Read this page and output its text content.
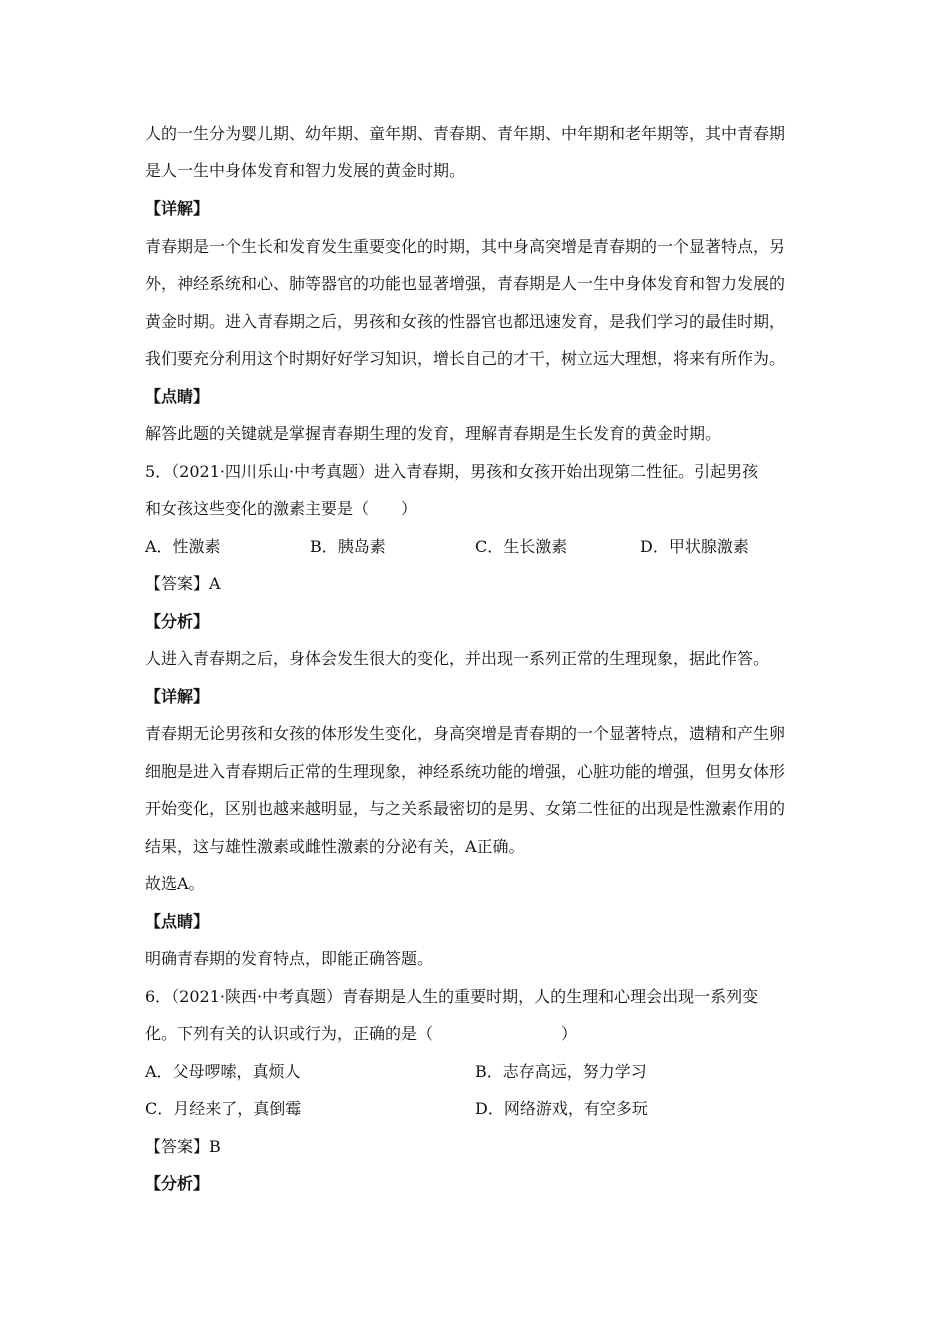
人的一生分为婴儿期、幼年期、童年期、青春期、青年期、中年期和老年期等，其中青春期
是人一生中身体发育和智力发展的黄金时期。
【详解】
青春期是一个生长和发育发生重要变化的时期，其中身高突增是青春期的一个显著特点，另
外，神经系统和心、肺等器官的功能也显著增强，青春期是人一生中身体发育和智力发展的
黄金时期。进入青春期之后，男孩和女孩的性器官也都迅速发育，是我们学习的最佳时期，
我们要充分利用这个时期好好学习知识，增长自己的才干，树立远大理想，将来有所作为。
【点睛】
解答此题的关键就是掌握青春期生理的发育，理解青春期是生长发育的黄金时期。
5．（2021·四川乐山·中考真题）进入青春期，男孩和女孩开始出现第二性征。引起男孩
和女孩这些变化的激素主要是（　　）
A．性激素	B．胰岛素	C．生长激素	D．甲状腺激素
【答案】A
【分析】
人进入青春期之后，身体会发生很大的变化，并出现一系列正常的生理现象，据此作答。
【详解】
青春期无论男孩和女孩的体形发生变化，身高突增是青春期的一个显著特点，遗精和产生卵
细胞是进入青春期后正常的生理现象，神经系统功能的增强，心脏功能的增强，但男女体形
开始变化，区别也越来越明显，与之关系最密切的是男、女第二性征的出现是性激素作用的
结果，这与雄性激素或雌性激素的分泌有关，A正确。
故选A。
【点睛】
明确青春期的发育特点，即能正确答题。
6．（2021·陕西·中考真题）青春期是人生的重要时期，人的生理和心理会出现一系列变
化。下列有关的认识或行为，正确的是（　　　　　　　　）
A．父母啰嗦，真烦人	B．志存高远，努力学习
C．月经来了，真倒霉	D．网络游戏，有空多玩
【答案】B
【分析】
